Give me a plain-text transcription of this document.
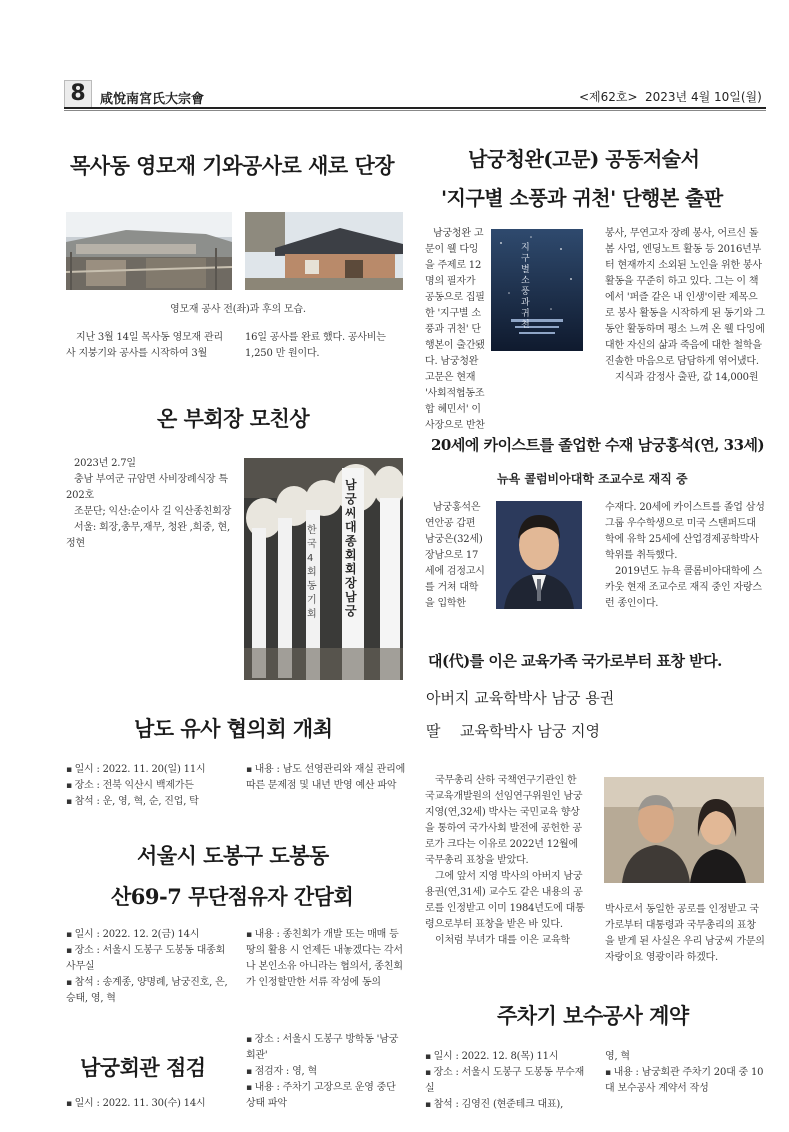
8	咸悅南宮氏大宗會	<제62호> 2023년 4월 10일(월)
목사동 영모재 기와공사로 새로 단장
영모재 공사 전(좌)과 후의 모습.
지난 3월 14일 목사동 영모재 관리사 지붕기와 공사를 시작하여 3월
16일 공사를 완료 했다. 공사비는 1,250 만 원이다.
온 부회장 모친상

2023년 2.7일

충남 부여군 규암면 사비장례식장 특202호

조문단; 익산:순이사 길 익산종친회장

서울: 회장,총무,재무, 청완 ,희중, 현,정현

남궁씨 대종회 회장 남궁
한국 4회 동기회
남도 유사 협의회 개최
▪ 일시 : 2022. 11. 20(일) 11시
▪ 장소 : 전북 익산시 백제가든
▪ 참석 : 운, 영, 혁, 순, 진업, 탁
▪ 내용 : 남도 선영관리와 재실 관리에 따른 문제점 및 내년 반영 예산 파악
서울시 도봉구 도봉동
산69-7 무단점유자 간담회
▪ 일시 : 2022. 12. 2(금) 14시
▪ 장소 : 서울시 도봉구 도봉동 대종회 사무실
▪ 참석 : 송계종, 양명례, 남궁진호, 은, 승태, 영, 혁
▪ 내용 : 종친회가 개발 또는 매매 등 땅의 활용 시 언제든 내놓겠다는 각서나 본인소유 아니라는 협의서, 종친회가 인정할만한 서류 작성에 동의
남궁회관 점검
▪ 일시 : 2022. 11. 30(수) 14시
▪ 장소 : 서울시 도봉구 방학동 '남궁회관'
▪ 점검자 : 영, 혁
▪ 내용 : 주차기 고장으로 운영 중단 상태 파악
남궁청완(고문) 공동저술서
'지구별 소풍과 귀천' 단행본 출판
남궁청완 고문이 웰 다잉을 주제로 12명의 필자가 공동으로 집필한 '지구별 소풍과 귀천' 단행본이 출간됐다. 남궁청완 고문은 현재 '사회적협동조합 혜민서' 이사장으로 반찬
지구별 소풍과 귀천

봉사, 무연고자 장례 봉사, 어르신 돌봄 사업, 엔딩노트 활동 등 2016년부터 현재까지 소외된 노인을 위한 봉사 활동을 꾸준히 하고 있다. 그는 이 책에서 '퍼즐 같은 내 인생'이란 제목으로 봉사 활동을 시작하게 된 동기와 그동안 활동하며 평소 느껴 온 웰 다잉에 대한 자신의 삶과 죽음에 대한 철학을 진솔한 마음으로 담담하게 엮어냈다.

지식과 감정사 출판, 값 14,000원

20세에 카이스트를 졸업한 수재 남궁홍석(연, 33세)
뉴욕 콜럼비아대학 조교수로 재직 중
남궁홍석은 연안공 갑편 남궁은(32세) 장남으로 17세에 검정고시를 거쳐 대학을 입학한

수재다. 20세에 카이스트를 졸업 삼성그룹 우수학생으로 미국 스탠퍼드대학에 유학 25세에 산업경제공학박사 학위를 취득했다.

2019년도 뉴욕 콜롬비아대학에 스카웃 현재 조교수로 재직 중인 자랑스런 종인이다.

대(代)를 이은 교육가족 국가로부터 표창 받다.
아버지 교육학박사 남궁 용권
딸 교육학박사 남궁 지영

국무총리 산하 국책연구기관인 한국교육개발원의 선임연구위원인 남궁지영(연,32세) 박사는 국민교육 향상을 통하여 국가사회 발전에 공헌한 공로가 크다는 이유로 2022년 12월에 국무총리 표창을 받았다.

그에 앞서 지영 박사의 아버지 남궁용권(연,31세) 교수도 같은 내용의 공로를 인정받고 이미 1984년도에 대통령으로부터 표창을 받은 바 있다.

이처럼 부녀가 대를 이은 교육학

박사로서 동일한 공로를 인정받고 국가로부터 대통령과 국무총리의 표창을 받게 된 사실은 우리 남궁씨 가문의 자랑이요 영광이라 하겠다.
주차기 보수공사 계약
▪ 일시 : 2022. 12. 8(목) 11시
▪ 장소 : 서울시 도봉구 도봉동 무수재실
▪ 참석 : 김영진 (현준테크 대표),
영, 혁
▪ 내용 : 남궁회관 주차기 20대 중 10대 보수공사 계약서 작성
